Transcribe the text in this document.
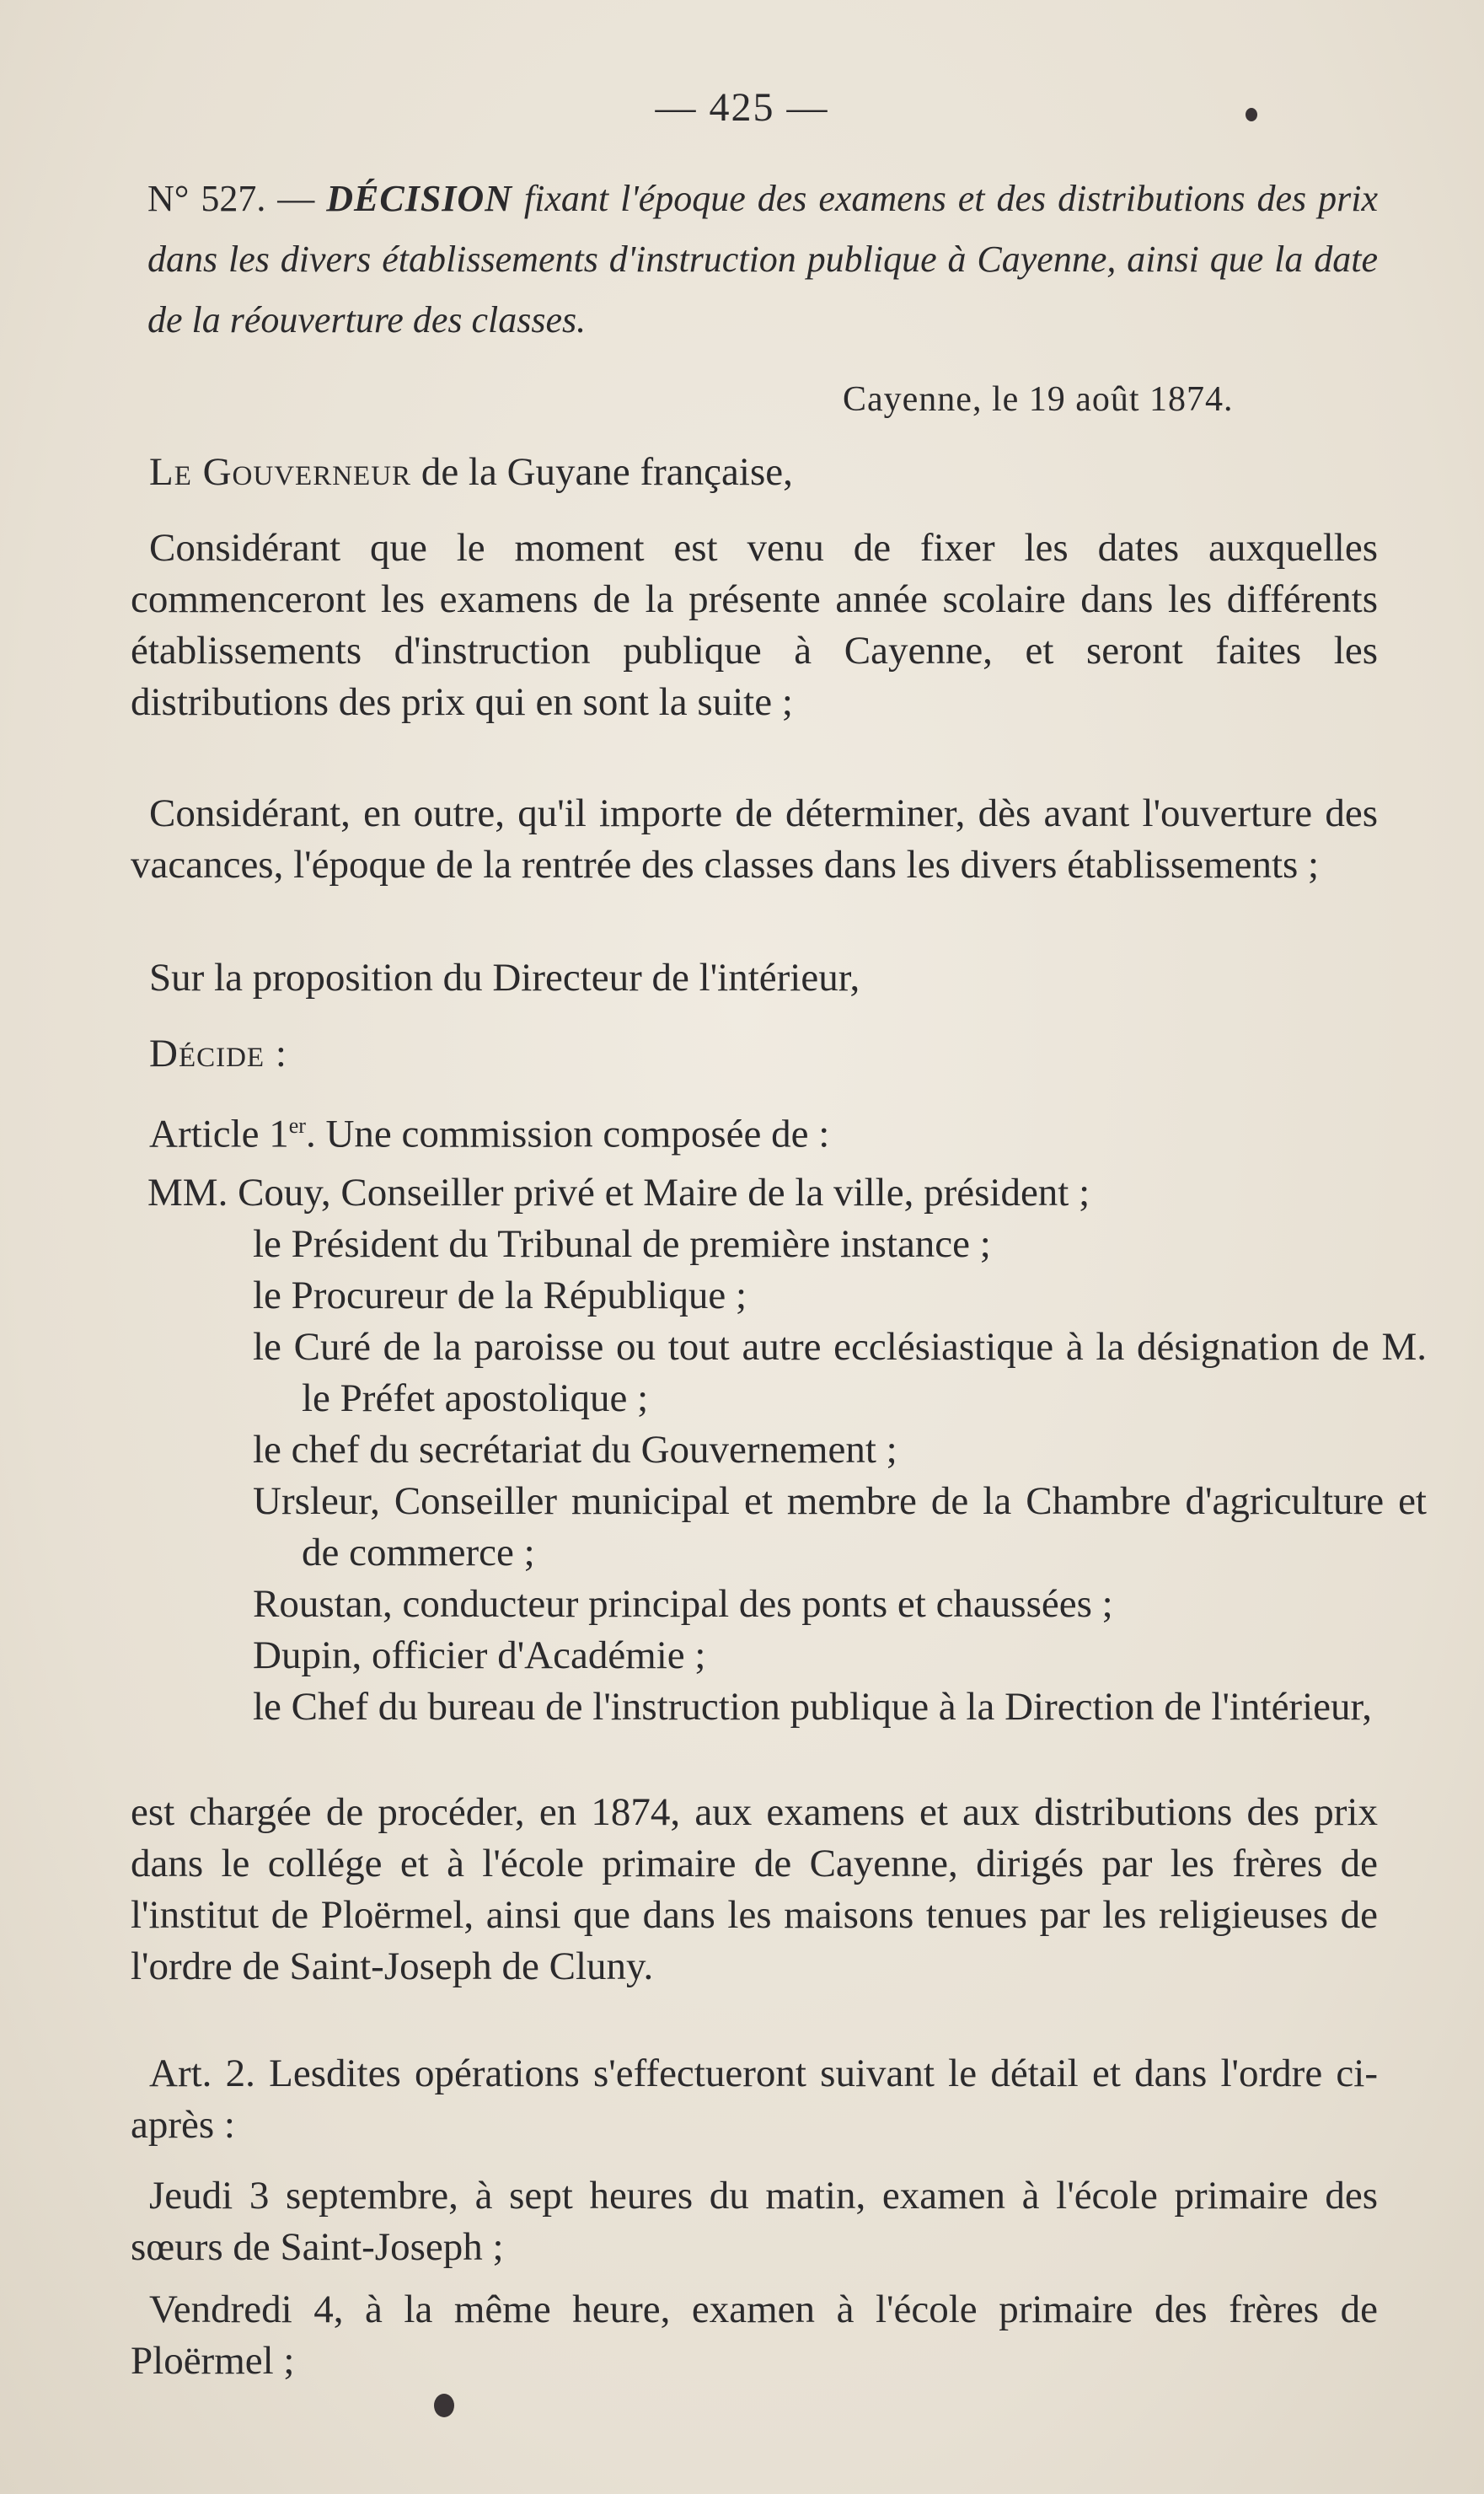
— 425 —
N° 527. — DÉCISION fixant l'époque des examens et des distributions des prix dans les divers établissements d'instruction publique à Cayenne, ainsi que la date de la réouverture des classes.
Cayenne, le 19 août 1874.

Le Gouverneur de la Guyane française,

Considérant que le moment est venu de fixer les dates auxquelles commenceront les examens de la présente année scolaire dans les différents établissements d'instruction publique à Cayenne, et seront faites les distributions des prix qui en sont la suite ;

Considérant, en outre, qu'il importe de déterminer, dès avant l'ouverture des vacances, l'époque de la rentrée des classes dans les divers établissements ;

Sur la proposition du Directeur de l'intérieur,

Décide :

Article 1er. Une commission composée de :

MM. Couy, Conseiller privé et Maire de la ville, président ;

le Président du Tribunal de première instance ;

le Procureur de la République ;

le Curé de la paroisse ou tout autre ecclésiastique à la désignation de M. le Préfet apostolique ;

le chef du secrétariat du Gouvernement ;

Ursleur, Conseiller municipal et membre de la Chambre d'agriculture et de commerce ;

Roustan, conducteur principal des ponts et chaussées ;

Dupin, officier d'Académie ;

le Chef du bureau de l'instruction publique à la Direction de l'intérieur,

est chargée de procéder, en 1874, aux examens et aux distributions des prix dans le collége et à l'école primaire de Cayenne, dirigés par les frères de l'institut de Ploërmel, ainsi que dans les maisons tenues par les religieuses de l'ordre de Saint-Joseph de Cluny.

Art. 2. Lesdites opérations s'effectueront suivant le détail et dans l'ordre ci-après :

Jeudi 3 septembre, à sept heures du matin, examen à l'école primaire des sœurs de Saint-Joseph ;

Vendredi 4, à la même heure, examen à l'école primaire des frères de Ploërmel ;
